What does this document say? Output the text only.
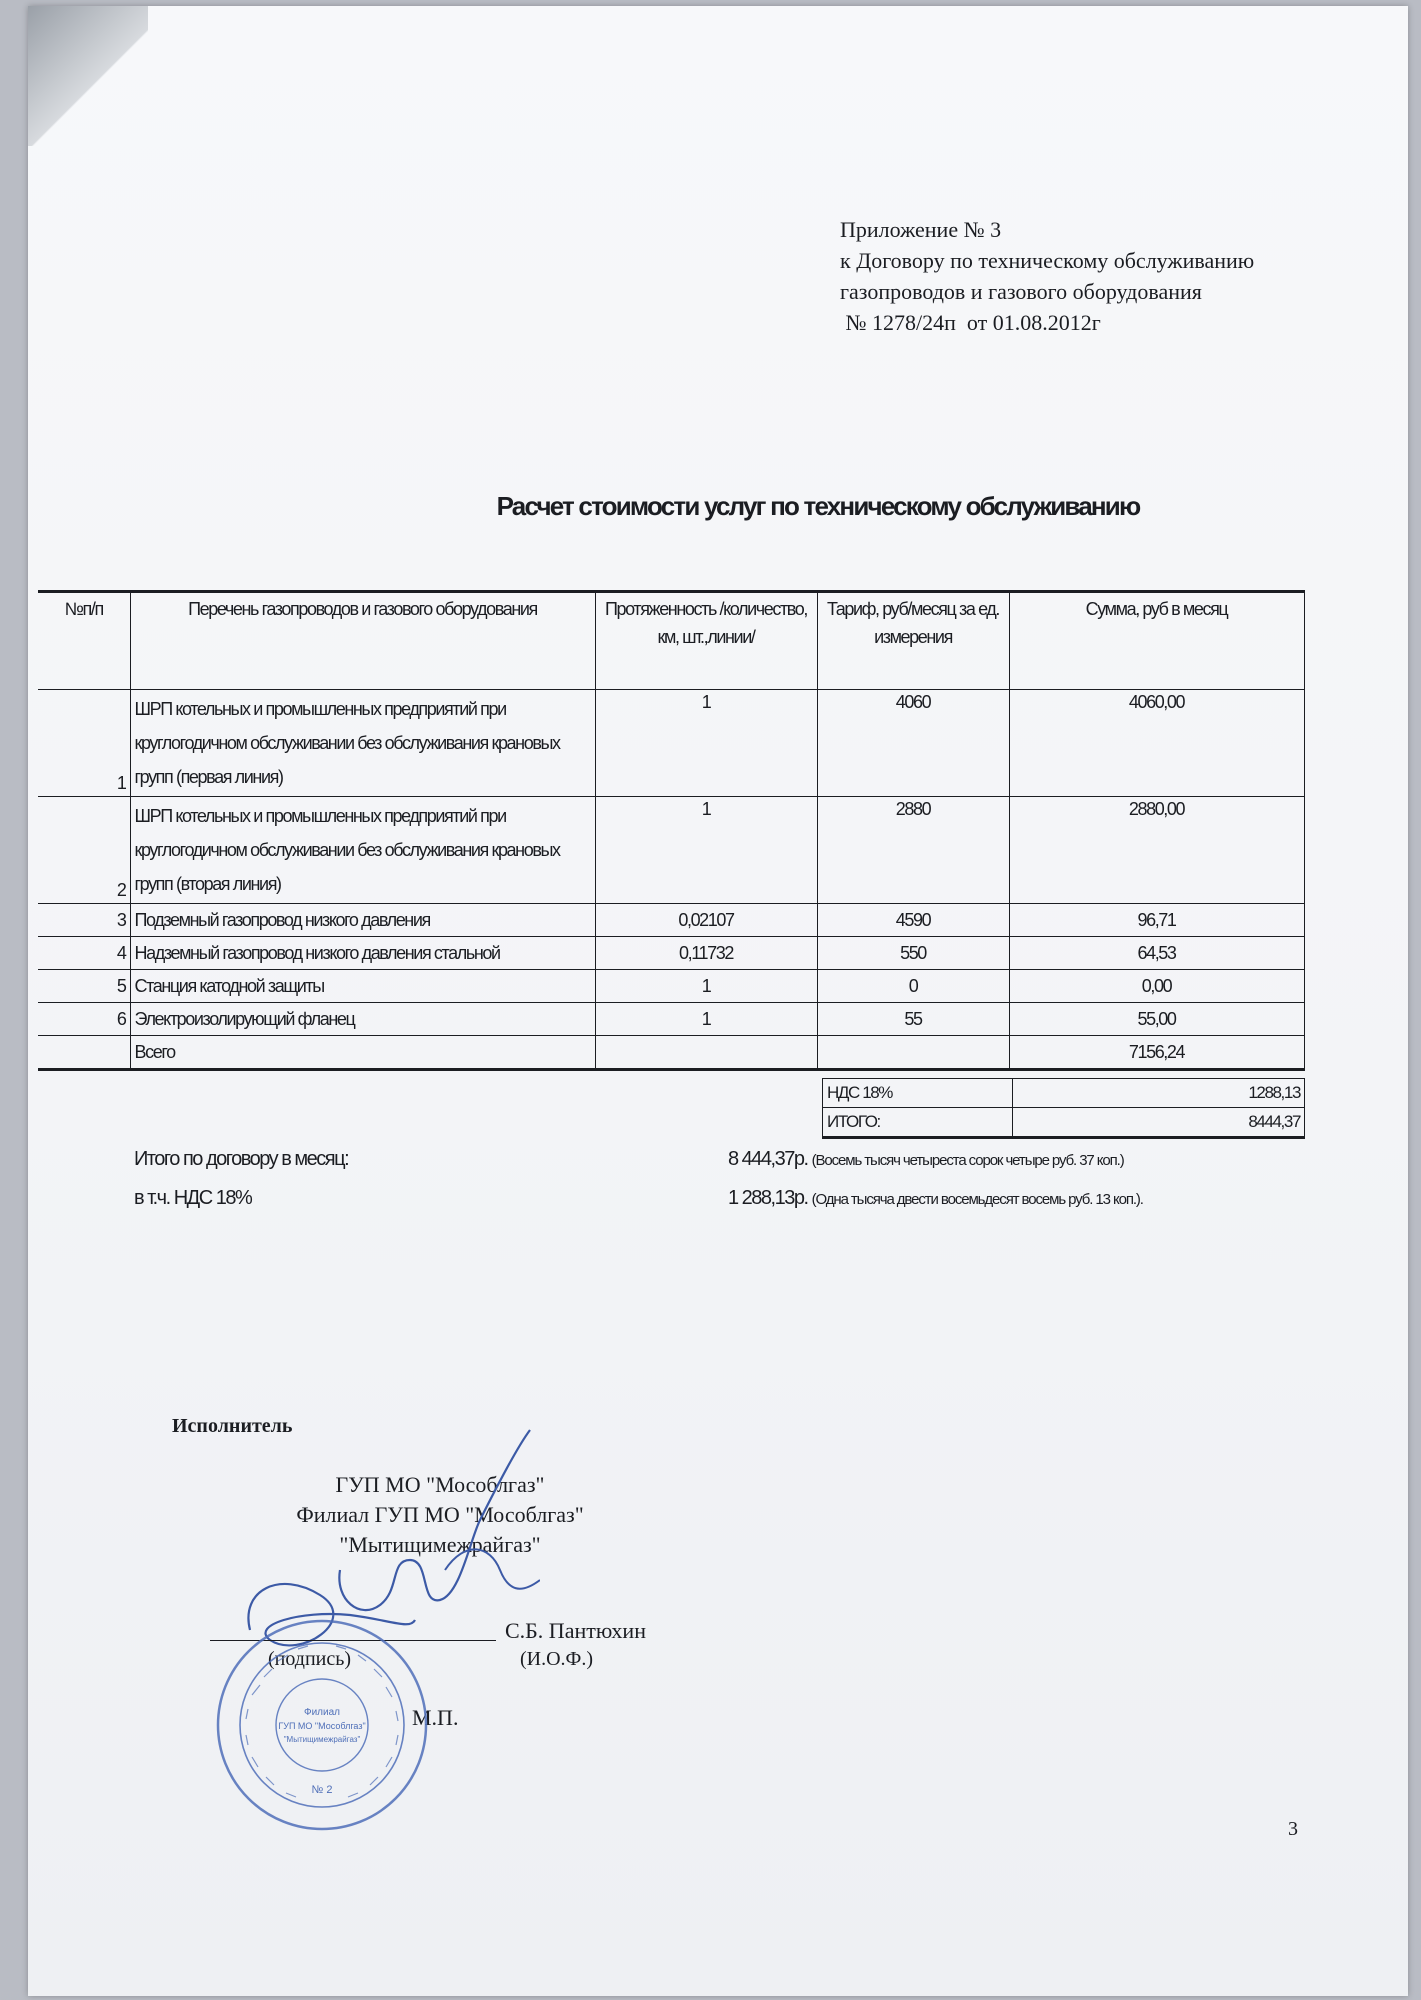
Приложение № 3
к Договору по техническому обслуживанию
газопроводов и газового оборудования
№ 1278/24п  от 01.08.2012г
Расчет стоимости услуг по техническому обслуживанию
№п/п	Перечень газопроводов и газового оборудования	Протяженность /количество, км, шт.,линии/	Тариф, руб/месяц за ед. измерения	Сумма, руб в месяц
1	ШРП котельных и промышленных предприятий при круглогодичном обслуживании без обслуживания крановых групп (первая линия)	1	4060	4060,00
2	ШРП котельных и промышленных предприятий при круглогодичном обслуживании без обслуживания крановых групп (вторая линия)	1	2880	2880,00
3	Подземный газопровод низкого давления	0,02107	4590	96,71
4	Надземный газопровод низкого давления стальной	0,11732	550	64,53
5	Станция катодной защиты	1	0	0,00
6	Электроизолирующий фланец	1	55	55,00
	Всего			7156,24
НДС 18%	1288,13
ИТОГО:	8444,37
Итого по договору в месяц:	8 444,37р. (Восемь тысяч четыреста сорок четыре руб. 37 коп.)
в т.ч. НДС 18%	1 288,13р. (Одна тысяча двести восемьдесят восемь руб. 13 коп.).
Исполнитель
ГУП МО "Мособлгаз"
Филиал ГУП МО "Мособлгаз"
"Мытищимежрайгаз"
С.Б. Пантюхин
(подпись)	(И.О.Ф.)
М.П.
Филиал
ГУП МО "Мособлгаз"
"Мытищимежрайгаз"
№ 2
3
